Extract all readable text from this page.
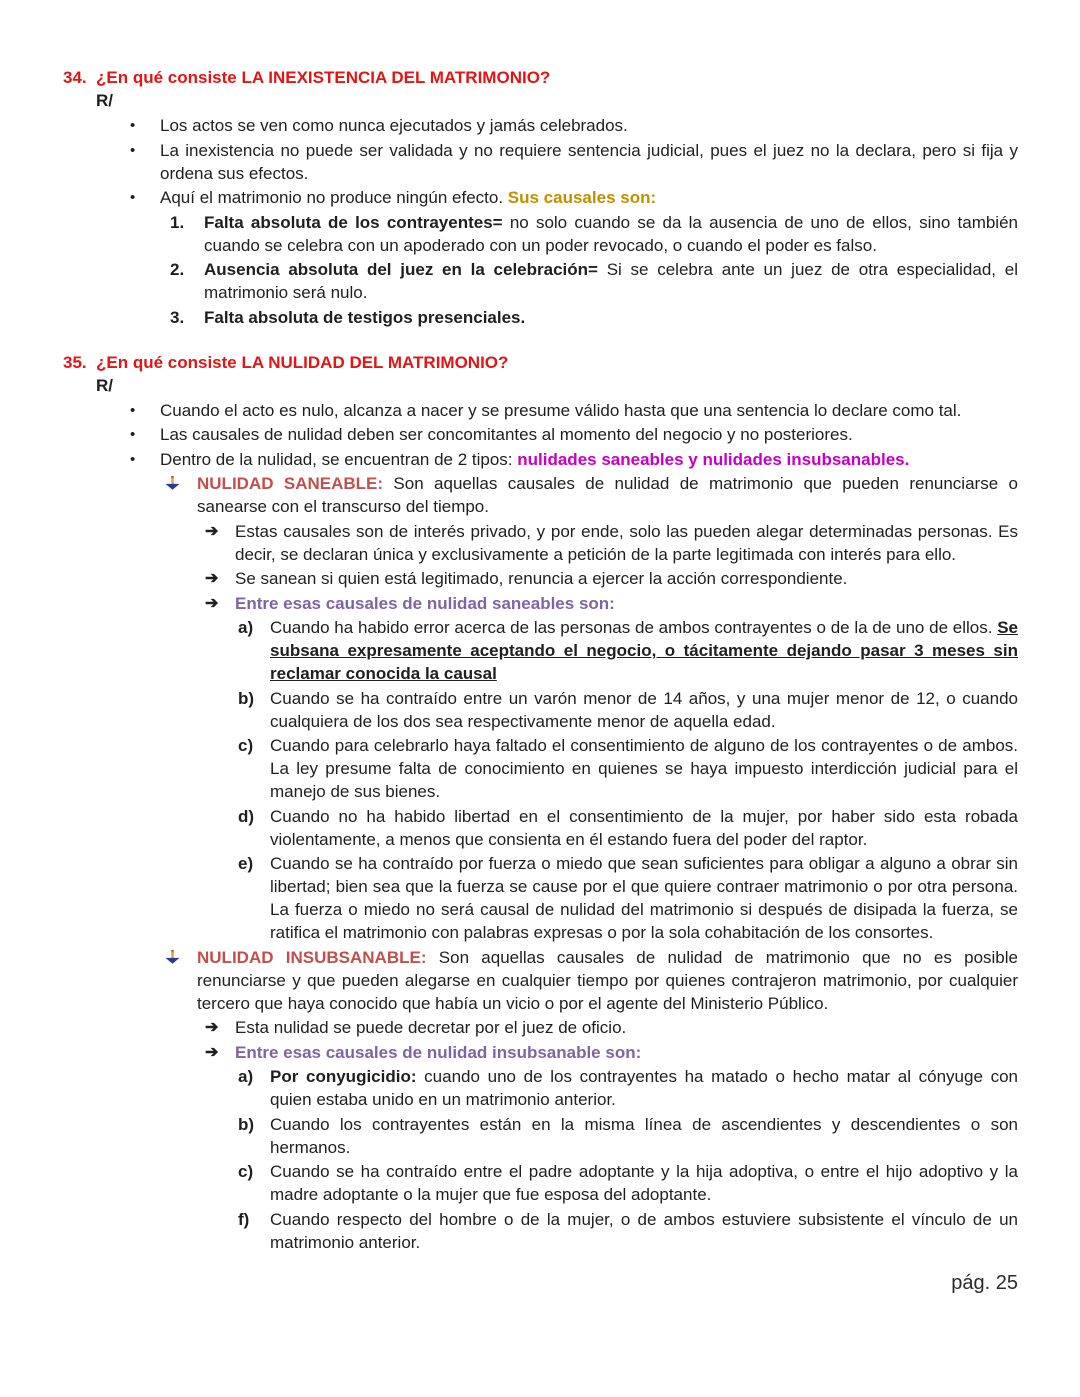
34. ¿En qué consiste LA INEXISTENCIA DEL MATRIMONIO?
R/
•	Los actos se ven como nunca ejecutados y jamás celebrados.
•	La inexistencia no puede ser validada y no requiere sentencia judicial, pues el juez no la declara, pero si fija y ordena sus efectos.
•	Aquí el matrimonio no produce ningún efecto. Sus causales son:
1.	Falta absoluta de los contrayentes= no solo cuando se da la ausencia de uno de ellos, sino también cuando se celebra con un apoderado con un poder revocado, o cuando el poder es falso.
2.	Ausencia absoluta del juez en la celebración= Si se celebra ante un juez de otra especialidad, el matrimonio será nulo.
3.	Falta absoluta de testigos presenciales.
35. ¿En qué consiste LA NULIDAD DEL MATRIMONIO?
R/
•	Cuando el acto es nulo, alcanza a nacer y se presume válido hasta que una sentencia lo declare como tal.
•	Las causales de nulidad deben ser concomitantes al momento del negocio y no posteriores.
•	Dentro de la nulidad, se encuentran de 2 tipos: nulidades saneables y nulidades insubsanables.
NULIDAD SANEABLE: Son aquellas causales de nulidad de matrimonio que pueden renunciarse o sanearse con el transcurso del tiempo.
➔ Estas causales son de interés privado, y por ende, solo las pueden alegar determinadas personas. Es decir, se declaran única y exclusivamente a petición de la parte legitimada con interés para ello.
➔ Se sanean si quien está legitimado, renuncia a ejercer la acción correspondiente.
➔ Entre esas causales de nulidad saneables son:
a) Cuando ha habido error acerca de las personas de ambos contrayentes o de la de uno de ellos. Se subsana expresamente aceptando el negocio, o tácitamente dejando pasar 3 meses sin reclamar conocida la causal
b) Cuando se ha contraído entre un varón menor de 14 años, y una mujer menor de 12, o cuando cualquiera de los dos sea respectivamente menor de aquella edad.
c) Cuando para celebrarlo haya faltado el consentimiento de alguno de los contrayentes o de ambos. La ley presume falta de conocimiento en quienes se haya impuesto interdicción judicial para el manejo de sus bienes.
d) Cuando no ha habido libertad en el consentimiento de la mujer, por haber sido esta robada violentamente, a menos que consienta en él estando fuera del poder del raptor.
e) Cuando se ha contraído por fuerza o miedo que sean suficientes para obligar a alguno a obrar sin libertad; bien sea que la fuerza se cause por el que quiere contraer matrimonio o por otra persona. La fuerza o miedo no será causal de nulidad del matrimonio si después de disipada la fuerza, se ratifica el matrimonio con palabras expresas o por la sola cohabitación de los consortes.
NULIDAD INSUBSANABLE: Son aquellas causales de nulidad de matrimonio que no es posible renunciarse y que pueden alegarse en cualquier tiempo por quienes contrajeron matrimonio, por cualquier tercero que haya conocido que había un vicio o por el agente del Ministerio Público.
➔ Esta nulidad se puede decretar por el juez de oficio.
➔ Entre esas causales de nulidad insubsanable son:
a) Por conyugicidio: cuando uno de los contrayentes ha matado o hecho matar al cónyuge con quien estaba unido en un matrimonio anterior.
b) Cuando los contrayentes están en la misma línea de ascendientes y descendientes o son hermanos.
c) Cuando se ha contraído entre el padre adoptante y la hija adoptiva, o entre el hijo adoptivo y la madre adoptante o la mujer que fue esposa del adoptante.
f)	Cuando respecto del hombre o de la mujer, o de ambos estuviere subsistente el vínculo de un matrimonio anterior.
pág. 25
